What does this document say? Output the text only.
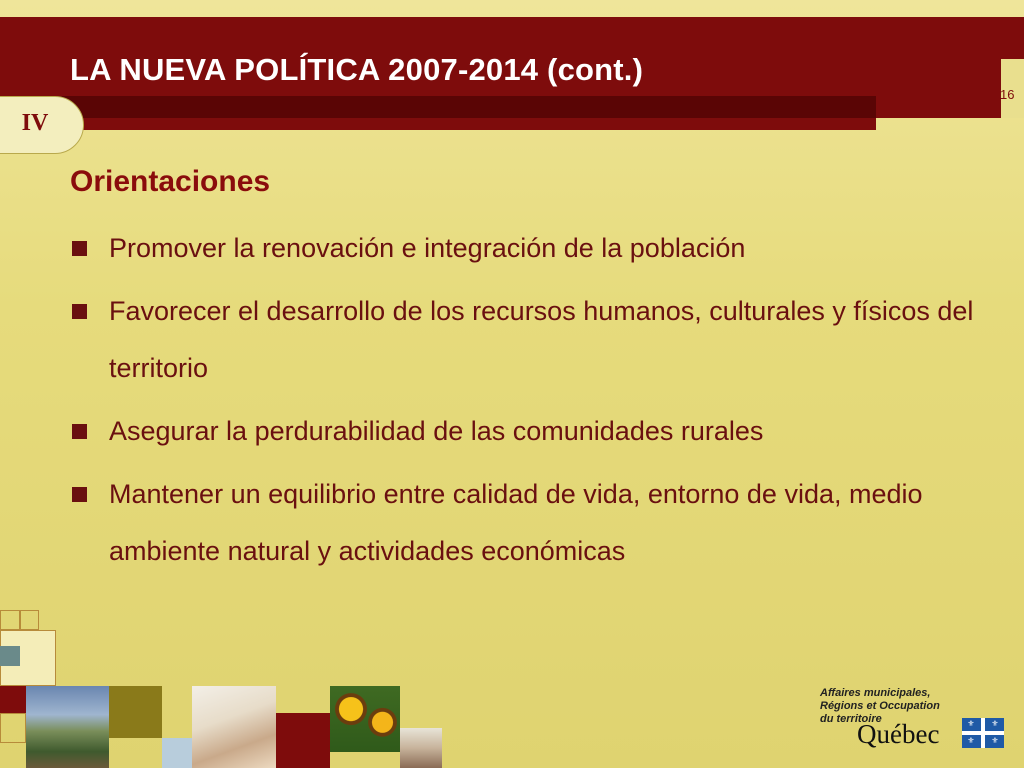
LA NUEVA POLÍTICA 2007-2014 (cont.)
16
IV
Orientaciones
Promover la renovación e integración de la población
Favorecer el desarrollo de los recursos humanos, culturales y físicos del territorio
Asegurar la perdurabilidad de las comunidades rurales
Mantener un equilibrio entre calidad de vida, entorno de vida, medio ambiente natural y actividades económicas
Affaires municipales,
Régions et Occupation
du territoire
Québec	⚜ ⚜
⚜ ⚜
